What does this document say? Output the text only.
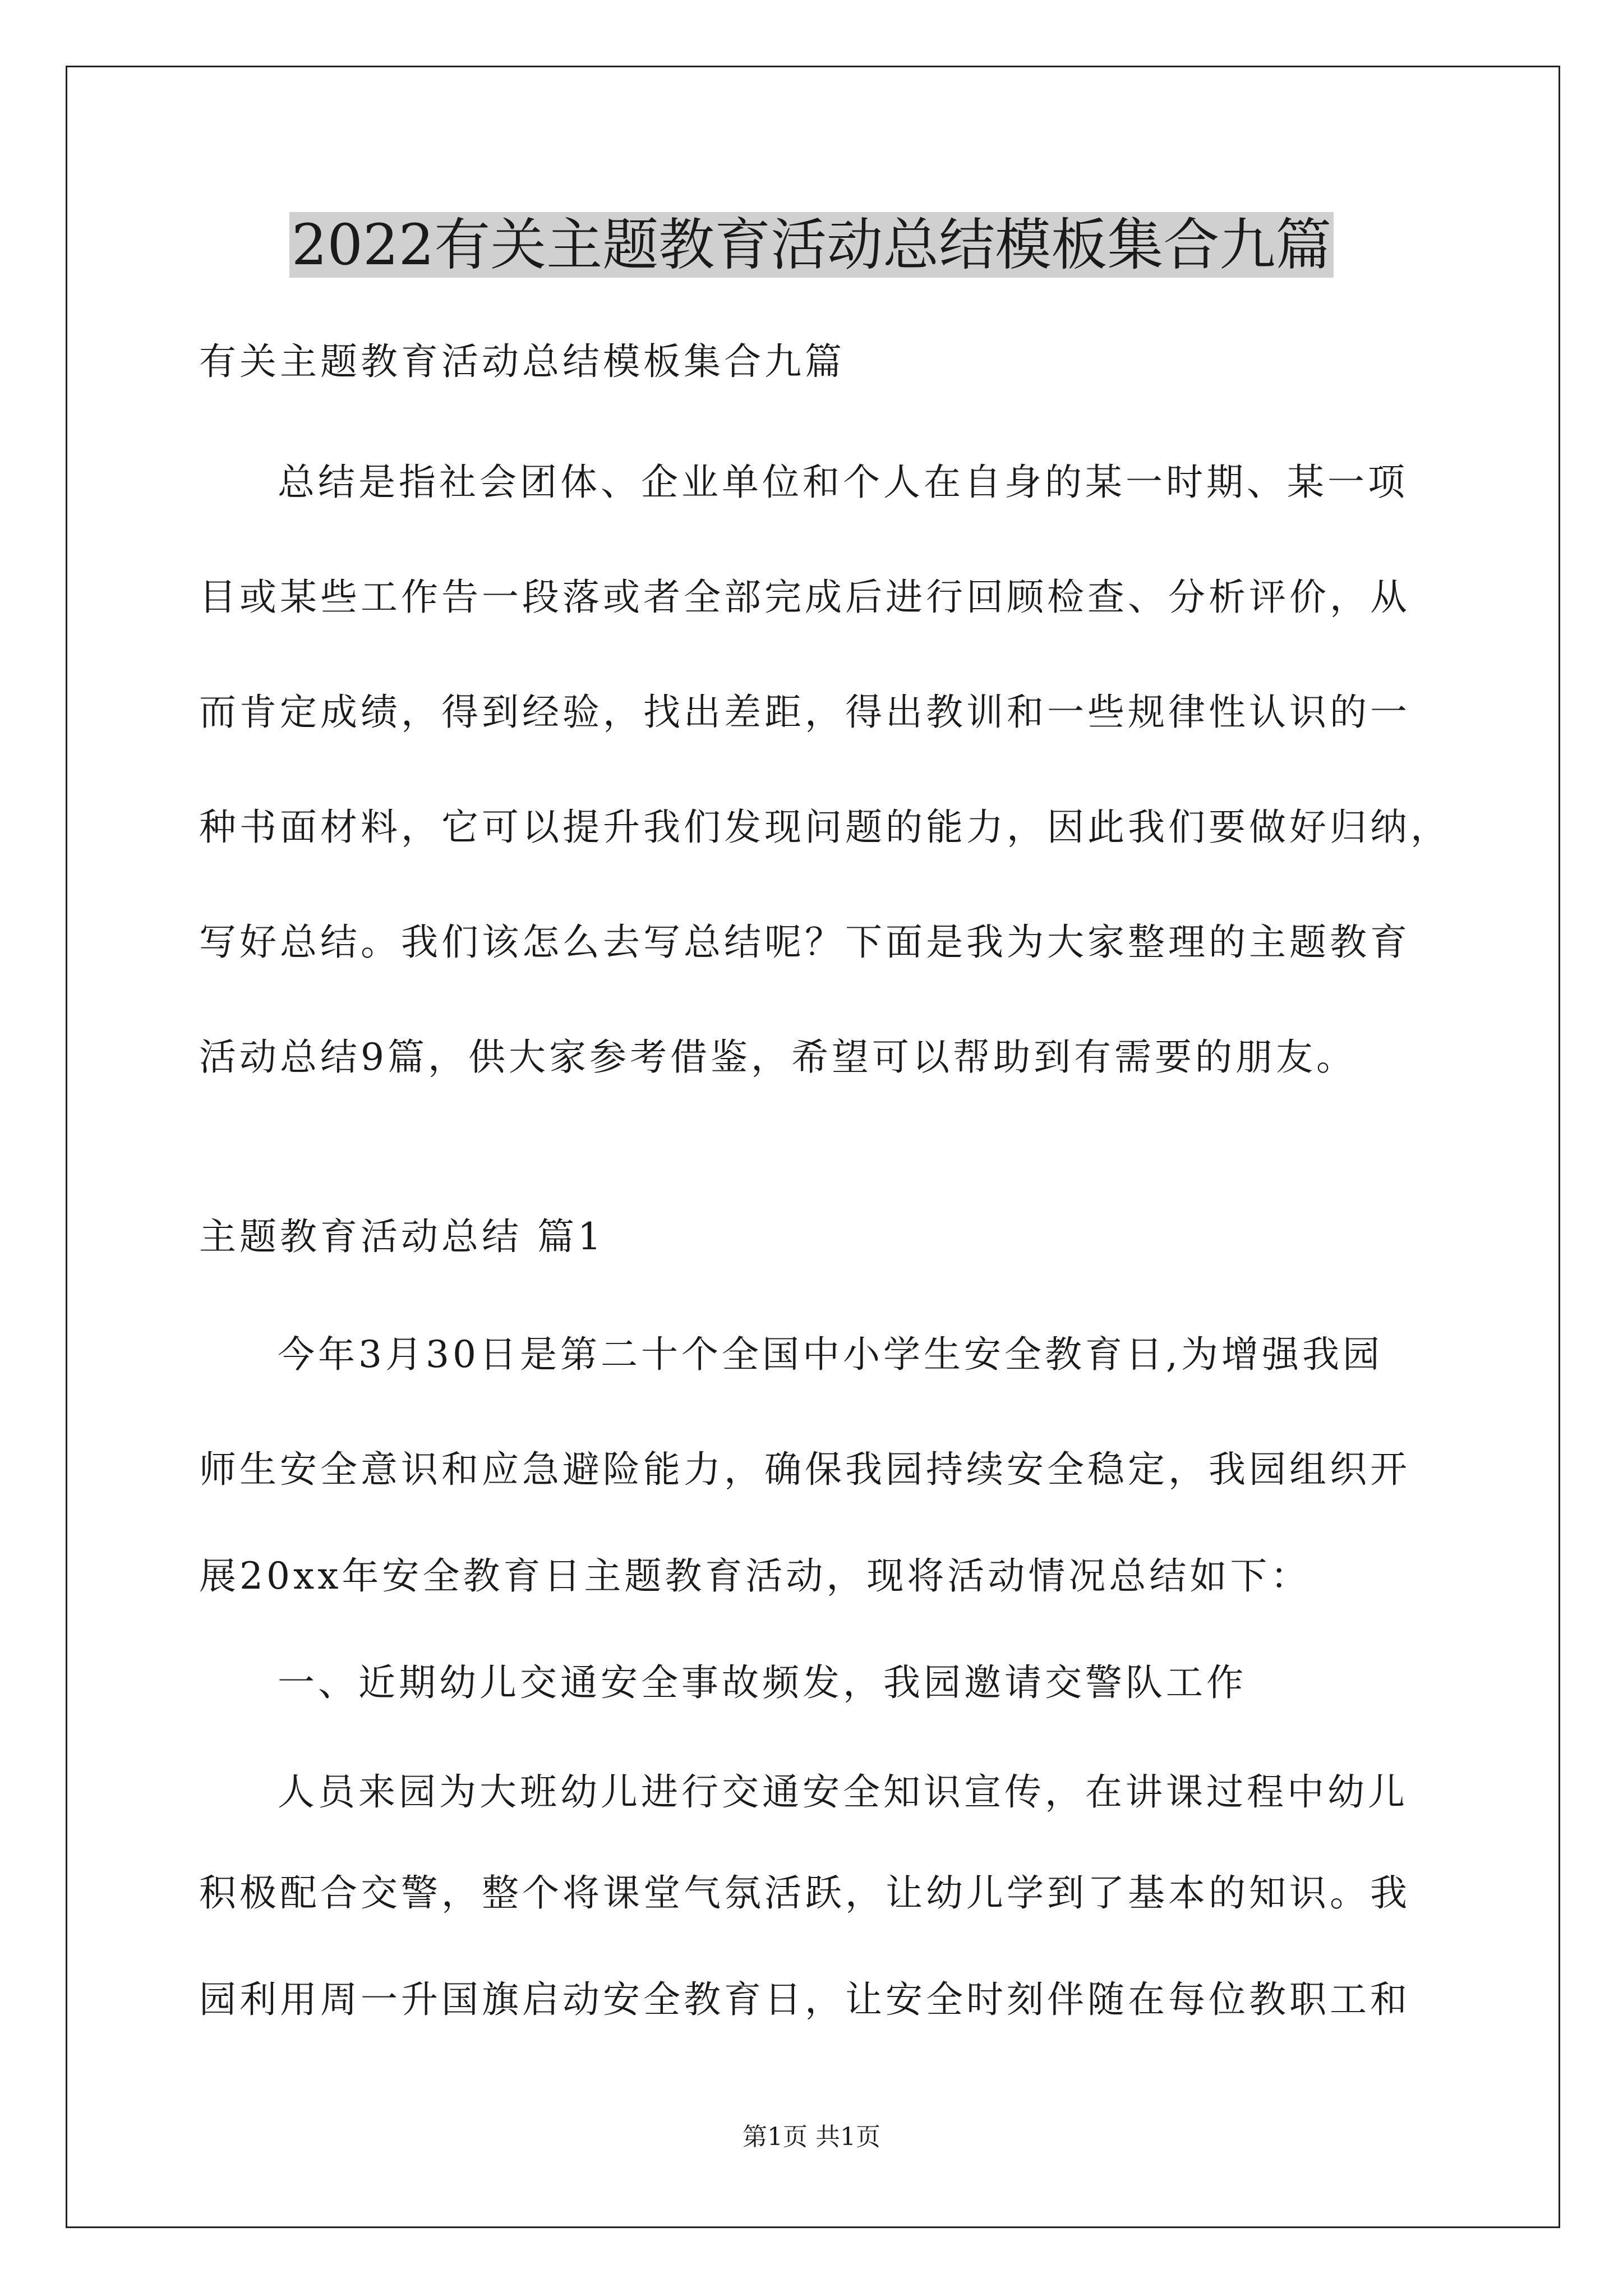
2022有关主题教育活动总结模板集合九篇
有关主题教育活动总结模板集合九篇
总结是指社会团体、企业单位和个人在自身的某一时期、某一项
目或某些工作告一段落或者全部完成后进行回顾检查、分析评价，从
而肯定成绩，得到经验，找出差距，得出教训和一些规律性认识的一
种书面材料，它可以提升我们发现问题的能力，因此我们要做好归纳，
写好总结。我们该怎么去写总结呢？下面是我为大家整理的主题教育
活动总结9篇，供大家参考借鉴，希望可以帮助到有需要的朋友。
主题教育活动总结 篇1
今年3月30日是第二十个全国中小学生安全教育日,为增强我园
师生安全意识和应急避险能力，确保我园持续安全稳定，我园组织开
展20xx年安全教育日主题教育活动，现将活动情况总结如下：
一、近期幼儿交通安全事故频发，我园邀请交警队工作
人员来园为大班幼儿进行交通安全知识宣传，在讲课过程中幼儿
积极配合交警，整个将课堂气氛活跃，让幼儿学到了基本的知识。我
园利用周一升国旗启动安全教育日，让安全时刻伴随在每位教职工和
第1页 共1页
